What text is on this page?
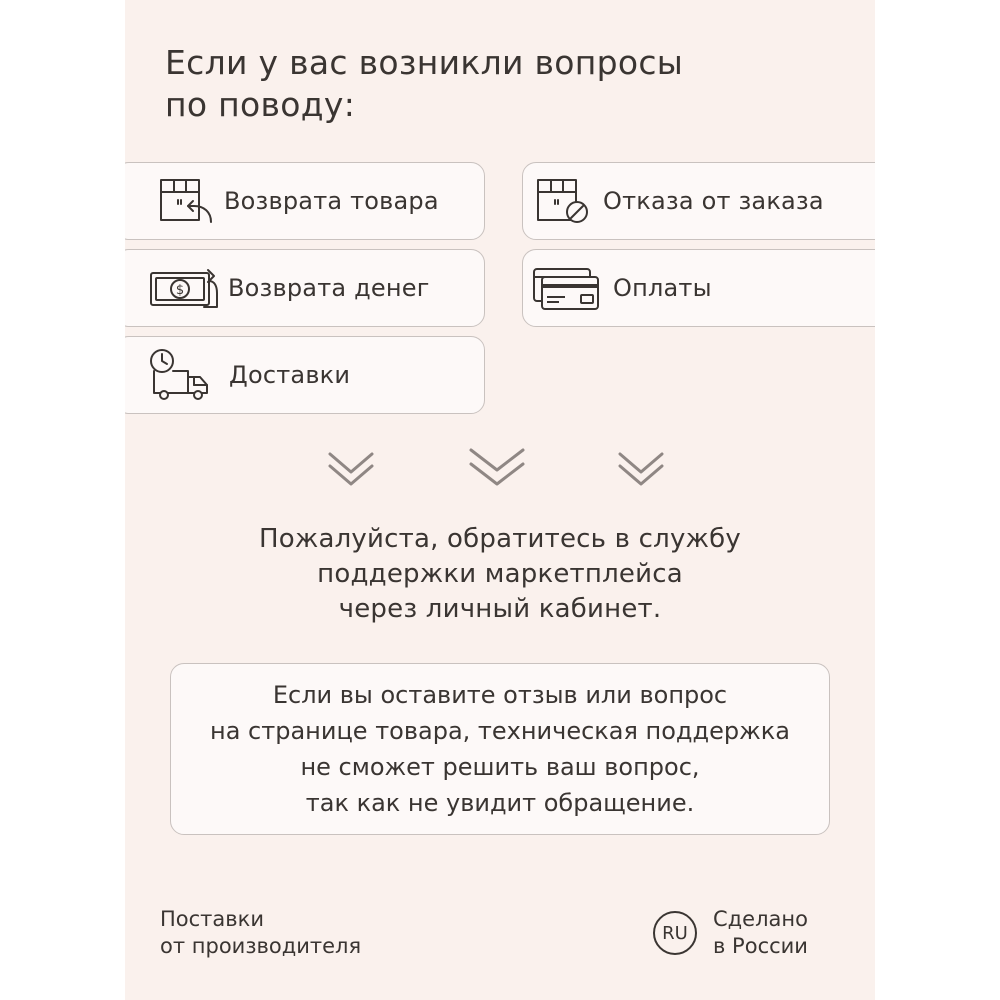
Если у вас возникли вопросы
по поводу:
Возврата товара	Отказа от заказа
$ Возврата денег	Оплаты
Доставки

Пожалуйста, обратитесь в службу
поддержки маркетплейса
через личный кабинет.

Если вы оставите отзыв или вопрос
на странице товара, техническая поддержка
не сможет решить ваш вопрос,
так как не увидит обращение.

Поставки
от производителя
RU
Сделано
в России
